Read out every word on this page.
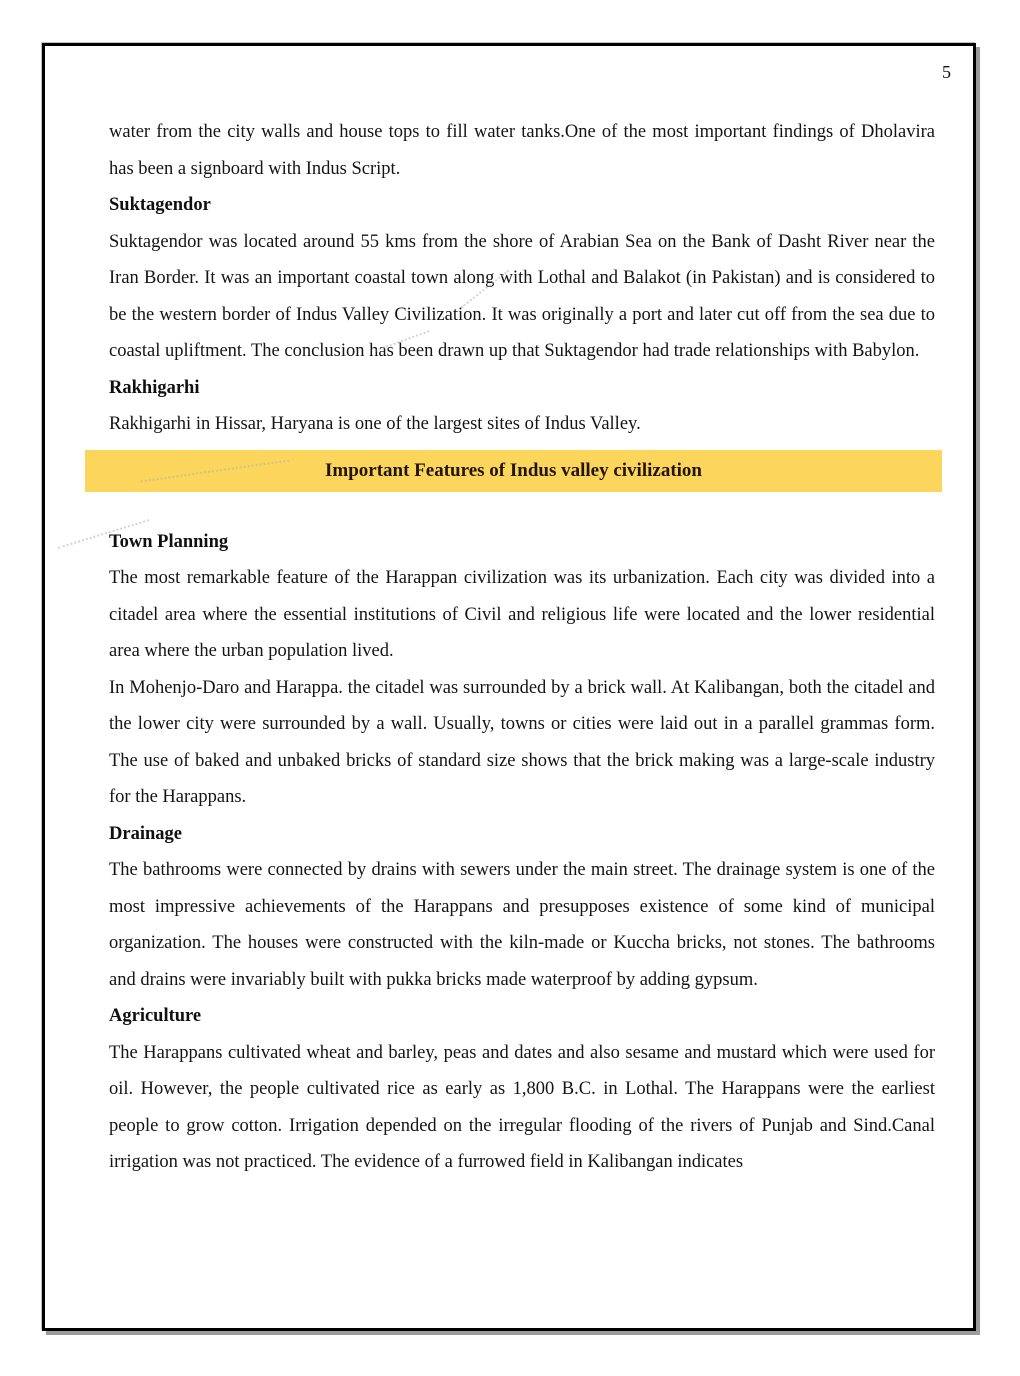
5

water from the city walls and house tops to fill water tanks.One of the most important findings of Dholavira has been a signboard with Indus Script.

Suktagendor

Suktagendor was located around 55 kms from the shore of Arabian Sea on the Bank of Dasht River near the Iran Border. It was an important coastal town along with Lothal and Balakot (in Pakistan) and is considered to be the western border of Indus Valley Civilization. It was originally a port and later cut off from the sea due to coastal upliftment. The conclusion has been drawn up that Suktagendor had trade relationships with Babylon.

Rakhigarhi

Rakhigarhi in Hissar, Haryana is one of the largest sites of Indus Valley.

Important Features of Indus valley civilization
Town Planning

The most remarkable feature of the Harappan civilization was its urbanization. Each city was divided into a citadel area where the essential institutions of Civil and religious life were located and the lower residential area where the urban population lived.

In Mohenjo-Daro and Harappa. the citadel was surrounded by a brick wall. At Kalibangan, both the citadel and the lower city were surrounded by a wall. Usually, towns or cities were laid out in a parallel grammas form. The use of baked and unbaked bricks of standard size shows that the brick making was a large-scale industry for the Harappans.

Drainage

The bathrooms were connected by drains with sewers under the main street. The drainage system is one of the most impressive achievements of the Harappans and presupposes existence of some kind of municipal organization. The houses were constructed with the kiln-made or Kuccha bricks, not stones. The bathrooms and drains were invariably built with pukka bricks made waterproof by adding gypsum.

Agriculture

The Harappans cultivated wheat and barley, peas and dates and also sesame and mustard which were used for oil. However, the people cultivated rice as early as 1,800 B.C. in Lothal. The Harappans were the earliest people to grow cotton. Irrigation depended on the irregular flooding of the rivers of Punjab and Sind.Canal irrigation was not practiced. The evidence of a furrowed field in Kalibangan indicates
